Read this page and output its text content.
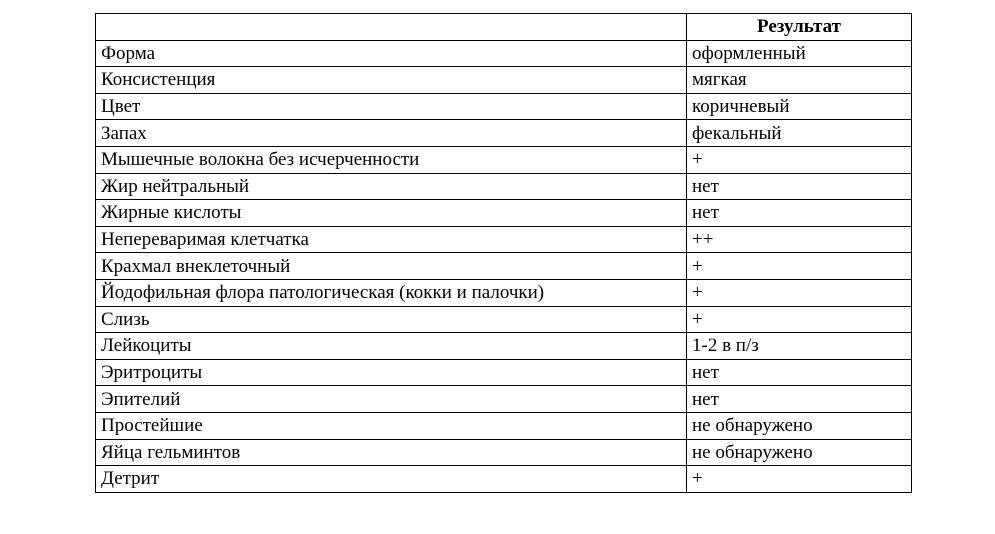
	Результат
Форма	оформленный
Консистенция	мягкая
Цвет	коричневый
Запах	фекальный
Мышечные волокна без исчерченности	+
Жир нейтральный	нет
Жирные кислоты	нет
Непереваримая клетчатка	++
Крахмал внеклеточный	+
Йодофильная флора патологическая (кокки и палочки)	+
Слизь	+
Лейкоциты	1-2 в п/з
Эритроциты	нет
Эпителий	нет
Простейшие	не обнаружено
Яйца гельминтов	не обнаружено
Детрит	+
